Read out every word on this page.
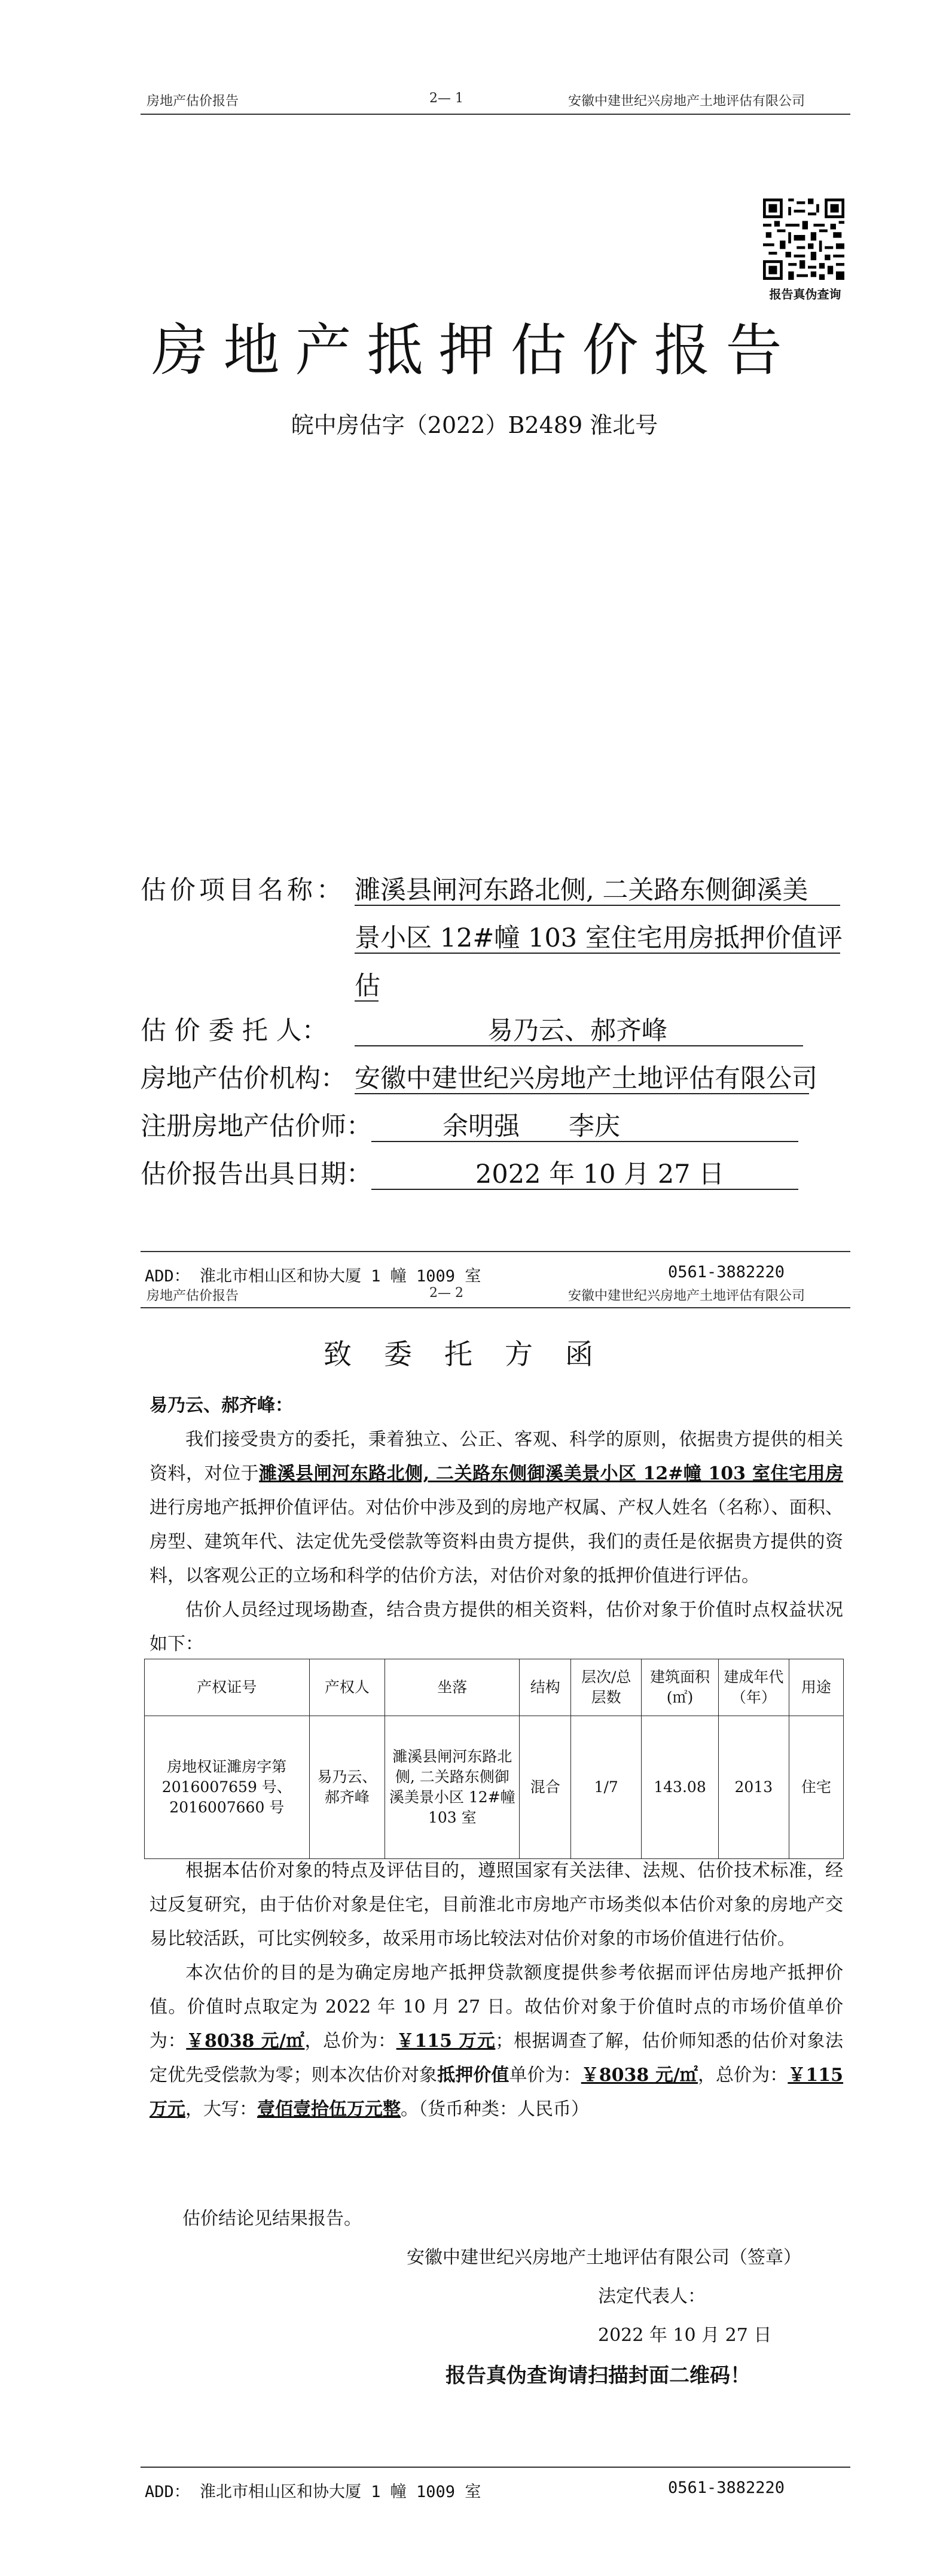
房地产估价报告	2— 1	安徽中建世纪兴房地产土地评估有限公司
报告真伪查询
房地产抵押估价报告
皖中房估字（2022）B2489 淮北号
估价项目名称： 濉溪县闸河东路北侧, 二关路东侧御溪美
景小区 12#幢 103 室住宅用房抵押价值评
估
估 价 委 托 人：	易乃云、郝齐峰
房地产估价机构： 安徽中建世纪兴房地产土地评估有限公司
注册房地产估价师：	余明强      李庆
估价报告出具日期：	2022 年 10 月 27 日
ADD： 淮北市相山区和协大厦 1 幢 1009 室	0561-3882220
房地产估价报告	2— 2	安徽中建世纪兴房地产土地评估有限公司
致委托方函

易乃云、郝齐峰：

我们接受贵方的委托，秉着独立、公正、客观、科学的原则，依据贵方提供的相关资料，对位于濉溪县闸河东路北侧, 二关路东侧御溪美景小区 12#幢 103 室住宅用房进行房地产抵押价值评估。对估价中涉及到的房地产权属、产权人姓名（名称）、面积、房型、建筑年代、法定优先受偿款等资料由贵方提供，我们的责任是依据贵方提供的资料，以客观公正的立场和科学的估价方法，对估价对象的抵押价值进行评估。

估价人员经过现场勘查，结合贵方提供的相关资料，估价对象于价值时点权益状况如下：

产权证号	产权人	坐落	结构	层次/总层数	建筑面积(㎡)	建成年代（年）	用途
房地权证濉房字第 2016007659 号、2016007660 号	易乃云、郝齐峰	濉溪县闸河东路北侧, 二关路东侧御溪美景小区 12#幢 103 室	混合	1/7	143.08	2013	住宅

根据本估价对象的特点及评估目的，遵照国家有关法律、法规、估价技术标准，经过反复研究，由于估价对象是住宅，目前淮北市房地产市场类似本估价对象的房地产交易比较活跃，可比实例较多，故采用市场比较法对估价对象的市场价值进行估价。

本次估价的目的是为确定房地产抵押贷款额度提供参考依据而评估房地产抵押价值。价值时点取定为 2022 年 10 月 27 日。故估价对象于价值时点的市场价值单价为：￥8038 元/㎡，总价为：￥115 万元；根据调查了解，估价师知悉的估价对象法定优先受偿款为零；则本次估价对象抵押价值单价为：￥8038 元/㎡，总价为：￥115 万元，大写：壹佰壹拾伍万元整。（货币种类：人民币）

估价结论见结果报告。
安徽中建世纪兴房地产土地评估有限公司（签章）
法定代表人：
2022 年 10 月 27 日
报告真伪查询请扫描封面二维码！
ADD： 淮北市相山区和协大厦 1 幢 1009 室	0561-3882220
